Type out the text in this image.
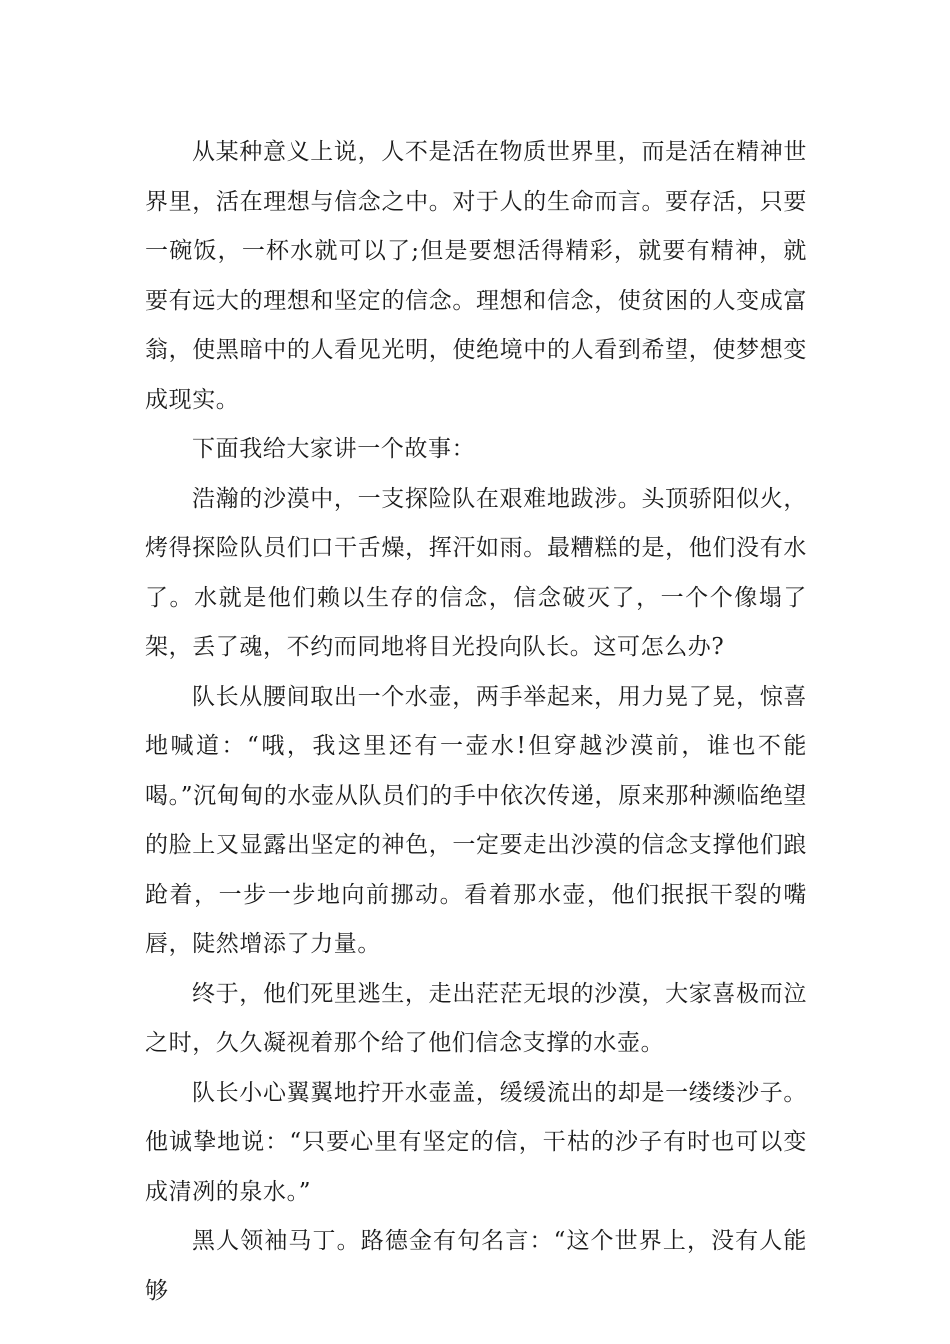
从某种意义上说，人不是活在物质世界里，而是活在精神世界里，活在理想与信念之中。对于人的生命而言。要存活，只要一碗饭，一杯水就可以了;但是要想活得精彩，就要有精神，就要有远大的理想和坚定的信念。理想和信念，使贫困的人变成富翁，使黑暗中的人看见光明，使绝境中的人看到希望，使梦想变成现实。

下面我给大家讲一个故事：

浩瀚的沙漠中，一支探险队在艰难地跋涉。头顶骄阳似火，烤得探险队员们口干舌燥，挥汗如雨。最糟糕的是，他们没有水了。水就是他们赖以生存的信念，信念破灭了，一个个像塌了架，丢了魂，不约而同地将目光投向队长。这可怎么办?

队长从腰间取出一个水壶，两手举起来，用力晃了晃，惊喜地喊道：“哦，我这里还有一壶水!但穿越沙漠前，谁也不能喝。”沉甸甸的水壶从队员们的手中依次传递，原来那种濒临绝望的脸上又显露出坚定的神色，一定要走出沙漠的信念支撑他们踉跄着，一步一步地向前挪动。看着那水壶，他们抿抿干裂的嘴唇，陡然增添了力量。

终于，他们死里逃生，走出茫茫无垠的沙漠，大家喜极而泣之时，久久凝视着那个给了他们信念支撑的水壶。

队长小心翼翼地拧开水壶盖，缓缓流出的却是一缕缕沙子。他诚挚地说：“只要心里有坚定的信，干枯的沙子有时也可以变成清冽的泉水。”

黑人领袖马丁。路德金有句名言：“这个世界上，没有人能够
